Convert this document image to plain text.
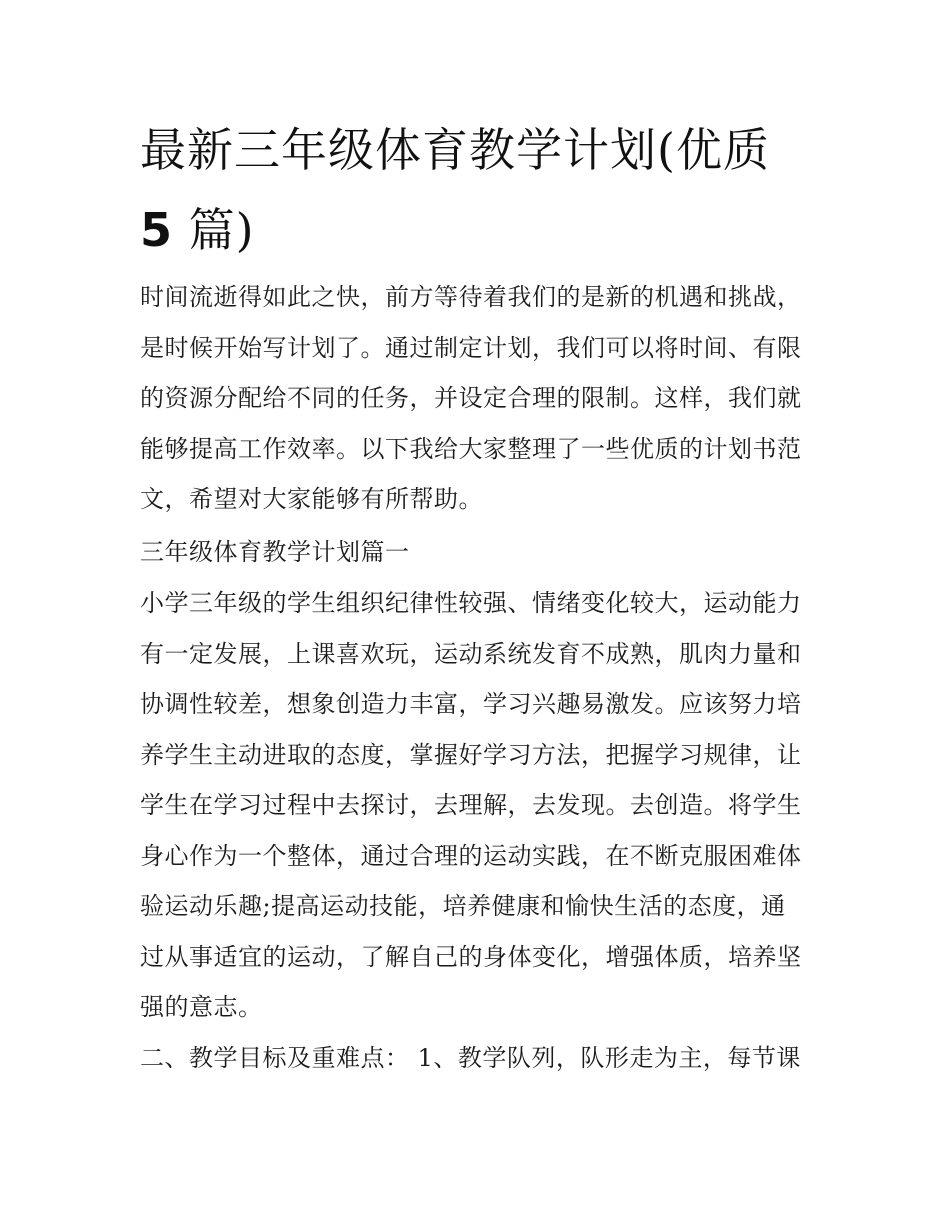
最新三年级体育教学计划(优质
5 篇)
时间流逝得如此之快，前方等待着我们的是新的机遇和挑战，
是时候开始写计划了。通过制定计划，我们可以将时间、有限
的资源分配给不同的任务，并设定合理的限制。这样，我们就
能够提高工作效率。以下我给大家整理了一些优质的计划书范
文，希望对大家能够有所帮助。
三年级体育教学计划篇一
小学三年级的学生组织纪律性较强、情绪变化较大，运动能力
有一定发展，上课喜欢玩，运动系统发育不成熟，肌肉力量和
协调性较差，想象创造力丰富，学习兴趣易激发。应该努力培
养学生主动进取的态度，掌握好学习方法，把握学习规律，让
学生在学习过程中去探讨，去理解，去发现。去创造。将学生
身心作为一个整体，通过合理的运动实践，在不断克服困难体
验运动乐趣;提高运动技能，培养健康和愉快生活的态度，通
过从事适宜的运动，了解自己的身体变化，增强体质，培养坚
强的意志。
二、教学目标及重难点： 1、教学队列，队形走为主，每节课
